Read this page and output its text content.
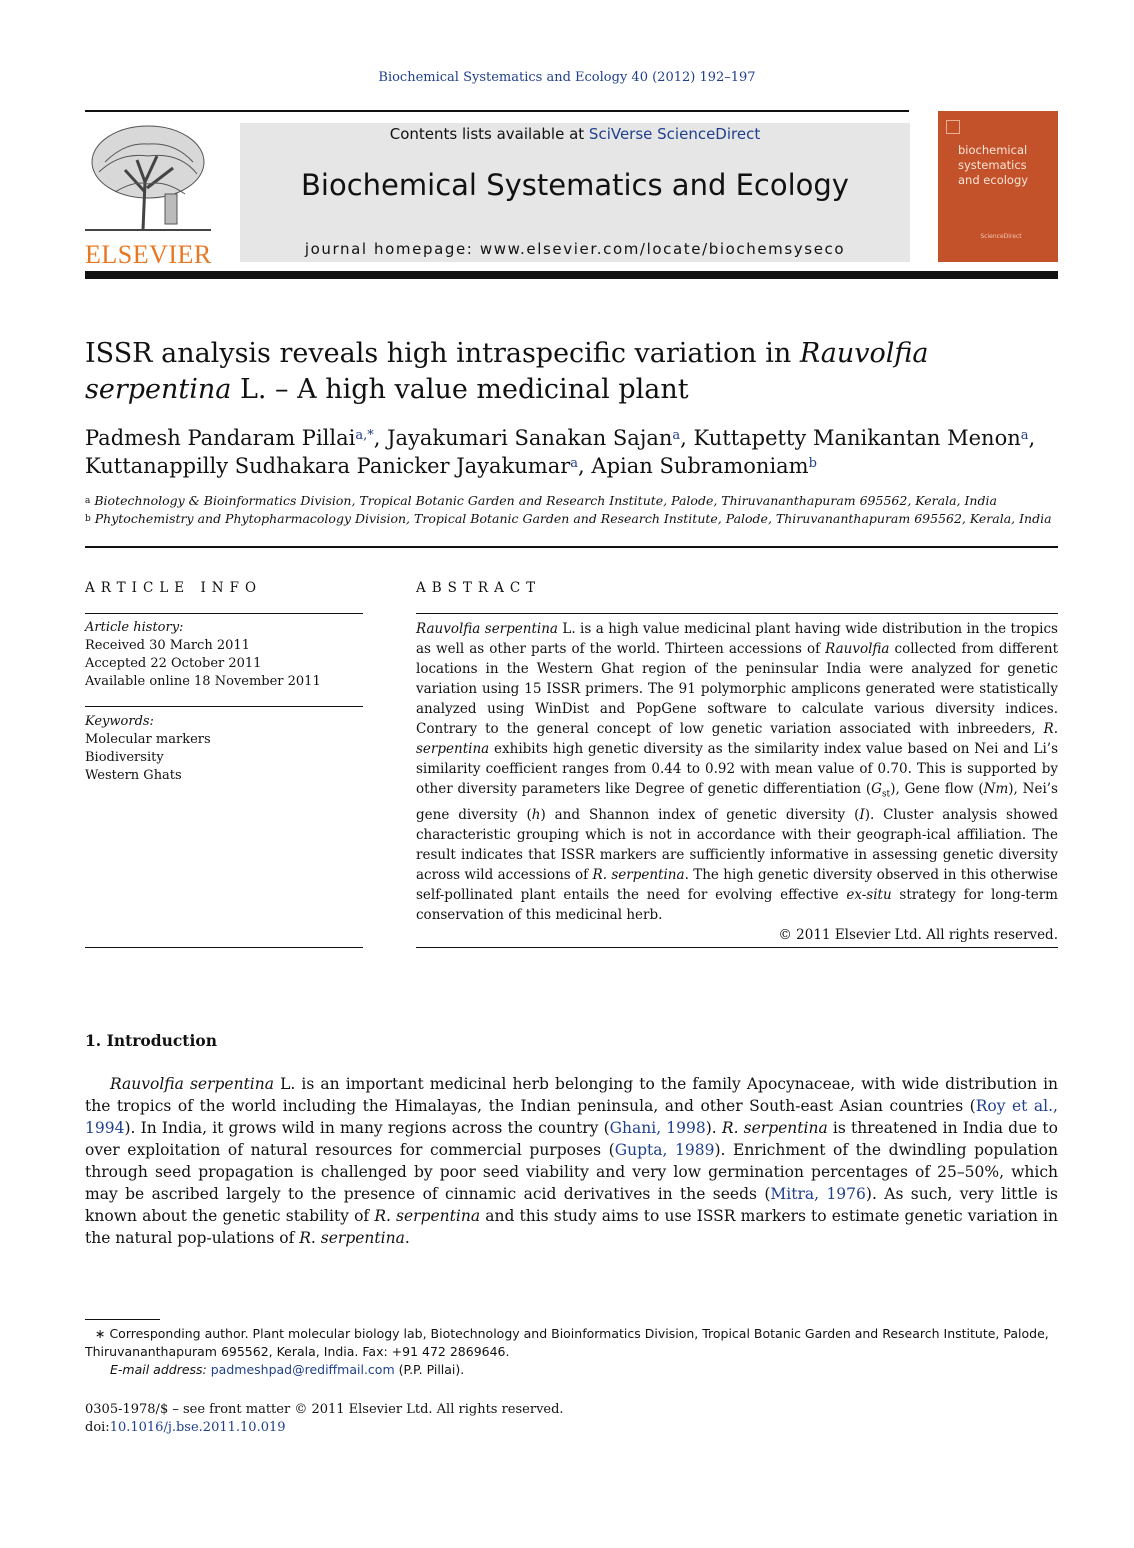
Biochemical Systematics and Ecology 40 (2012) 192–197
ELSEVIER
Contents lists available at SciVerse ScienceDirect
Biochemical Systematics and Ecology
journal homepage: www.elsevier.com/locate/biochemsyseco
biochemical systematics and ecology
ScienceDirect
ISSR analysis reveals high intraspecific variation in Rauvolfia serpentina L. – A high value medicinal plant
Padmesh Pandaram Pillai$^{a,*}$, Jayakumari Sanakan Sajan$^a$, Kuttapetty Manikantan Menon$^a$,
Kuttanappilly Sudhakara Panicker Jayakumar$^a$, Apian Subramoniam$^b$
$^a$ Biotechnology & Bioinformatics Division, Tropical Botanic Garden and Research Institute, Palode, Thiruvananthapuram 695562, Kerala, India
$^b$ Phytochemistry and Phytopharmacology Division, Tropical Botanic Garden and Research Institute, Palode, Thiruvananthapuram 695562, Kerala, India
ARTICLE INFO
Article history:
Received 30 March 2011
Accepted 22 October 2011
Available online 18 November 2011
Keywords:
Molecular markers
Biodiversity
Western Ghats
ABSTRACT
Rauvolfia serpentina L. is a high value medicinal plant having wide distribution in the tropics as well as other parts of the world. Thirteen accessions of Rauvolfia collected from different locations in the Western Ghat region of the peninsular India were analyzed for genetic variation using 15 ISSR primers. The 91 polymorphic amplicons generated were statistically analyzed using WinDist and PopGene software to calculate various diversity indices. Contrary to the general concept of low genetic variation associated with inbreeders, R. serpentina exhibits high genetic diversity as the similarity index value based on Nei and Li’s similarity coefficient ranges from 0.44 to 0.92 with mean value of 0.70. This is supported by other diversity parameters like Degree of genetic differentiation $(G_{st})$, Gene flow (Nm), Nei’s gene diversity (h) and Shannon index of genetic diversity (I). Cluster analysis showed characteristic grouping which is not in accordance with their geograph-ical affiliation. The result indicates that ISSR markers are sufficiently informative in assessing genetic diversity across wild accessions of R. serpentina. The high genetic diversity observed in this otherwise self-pollinated plant entails the need for evolving effective ex-situ strategy for long-term conservation of this medicinal herb.
© 2011 Elsevier Ltd. All rights reserved.
1. Introduction
Rauvolfia serpentina L. is an important medicinal herb belonging to the family Apocynaceae, with wide distribution in the tropics of the world including the Himalayas, the Indian peninsula, and other South-east Asian countries (Roy et al., 1994). In India, it grows wild in many regions across the country (Ghani, 1998). R. serpentina is threatened in India due to over exploitation of natural resources for commercial purposes (Gupta, 1989). Enrichment of the dwindling population through seed propagation is challenged by poor seed viability and very low germination percentages of 25–50%, which may be ascribed largely to the presence of cinnamic acid derivatives in the seeds (Mitra, 1976). As such, very little is known about the genetic stability of R. serpentina and this study aims to use ISSR markers to estimate genetic variation in the natural pop-ulations of R. serpentina.
∗ Corresponding author. Plant molecular biology lab, Biotechnology and Bioinformatics Division, Tropical Botanic Garden and Research Institute, Palode, Thiruvananthapuram 695562, Kerala, India. Fax: +91 472 2869646.
E-mail address: padmeshpad@rediffmail.com (P.P. Pillai).
0305-1978/$ – see front matter © 2011 Elsevier Ltd. All rights reserved.
doi:10.1016/j.bse.2011.10.019
